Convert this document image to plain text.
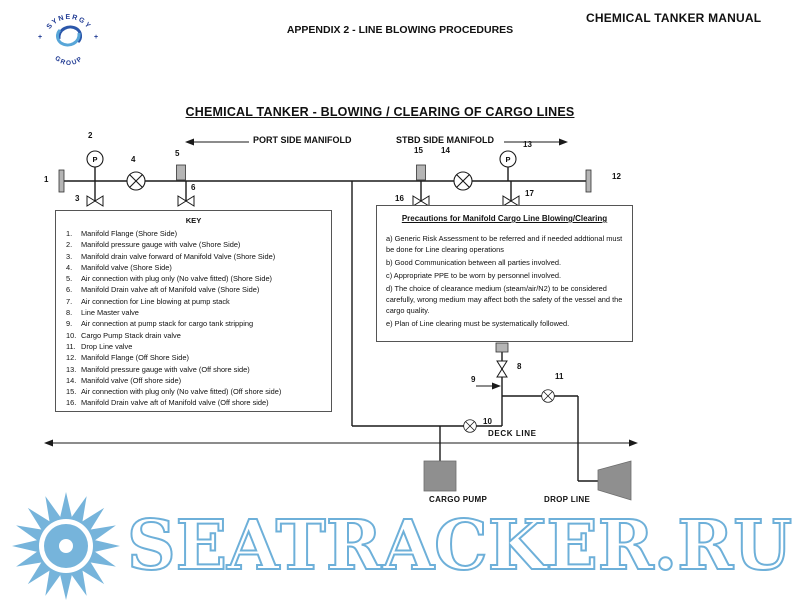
P	P
SYNERGY
GROUP
+	+
CHEMICAL TANKER MANUAL
APPENDIX 2 - LINE BLOWING PROCEDURES
CHEMICAL TANKER - BLOWING / CLEARING OF CARGO LINES
PORT SIDE MANIFOLD	STBD SIDE MANIFOLD
DECK LINE
CARGO PUMP	DROP LINE
1
2
3
4
5
6
8
9
10
11
12
13
14
15
16
17
KEY
1.	Manifold Flange (Shore Side)
2.	Manifold pressure gauge with valve (Shore Side)
3.	Manifold drain valve forward of Manifold Valve (Shore Side)
4.	Manifold valve (Shore Side)
5.	Air connection with plug only (No valve fitted) (Shore Side)
6.	Manifold Drain valve aft of Manifold valve (Shore Side)
7.	Air connection for Line blowing at pump stack
8.	Line Master valve
9.	Air connection at pump stack for cargo tank stripping
10. Cargo Pump Stack drain valve
11. Drop Line valve
12. Manifold Flange (Off Shore Side)
13. Manifold pressure gauge with valve (Off shore side)
14. Manifold valve (Off shore side)
15. Air connection with plug only (No valve fitted) (Off shore side)
16. Manifold Drain valve aft of Manifold valve (Off shore side)
Precautions for Manifold Cargo Line Blowing/Clearing
a) Generic Risk Assessment to be referred and if needed addtional must be done for Line clearing operations
b) Good Communication between all parties involved.
c) Appropriate PPE to be worn by personnel involved.
d) The choice of clearance medium (steam/air/N2) to be considered carefully, wrong medium may affect both the safety of the vessel and the cargo quality.
e) Plan of Line clearing must be systematically followed.
SEATRACKER.RU
